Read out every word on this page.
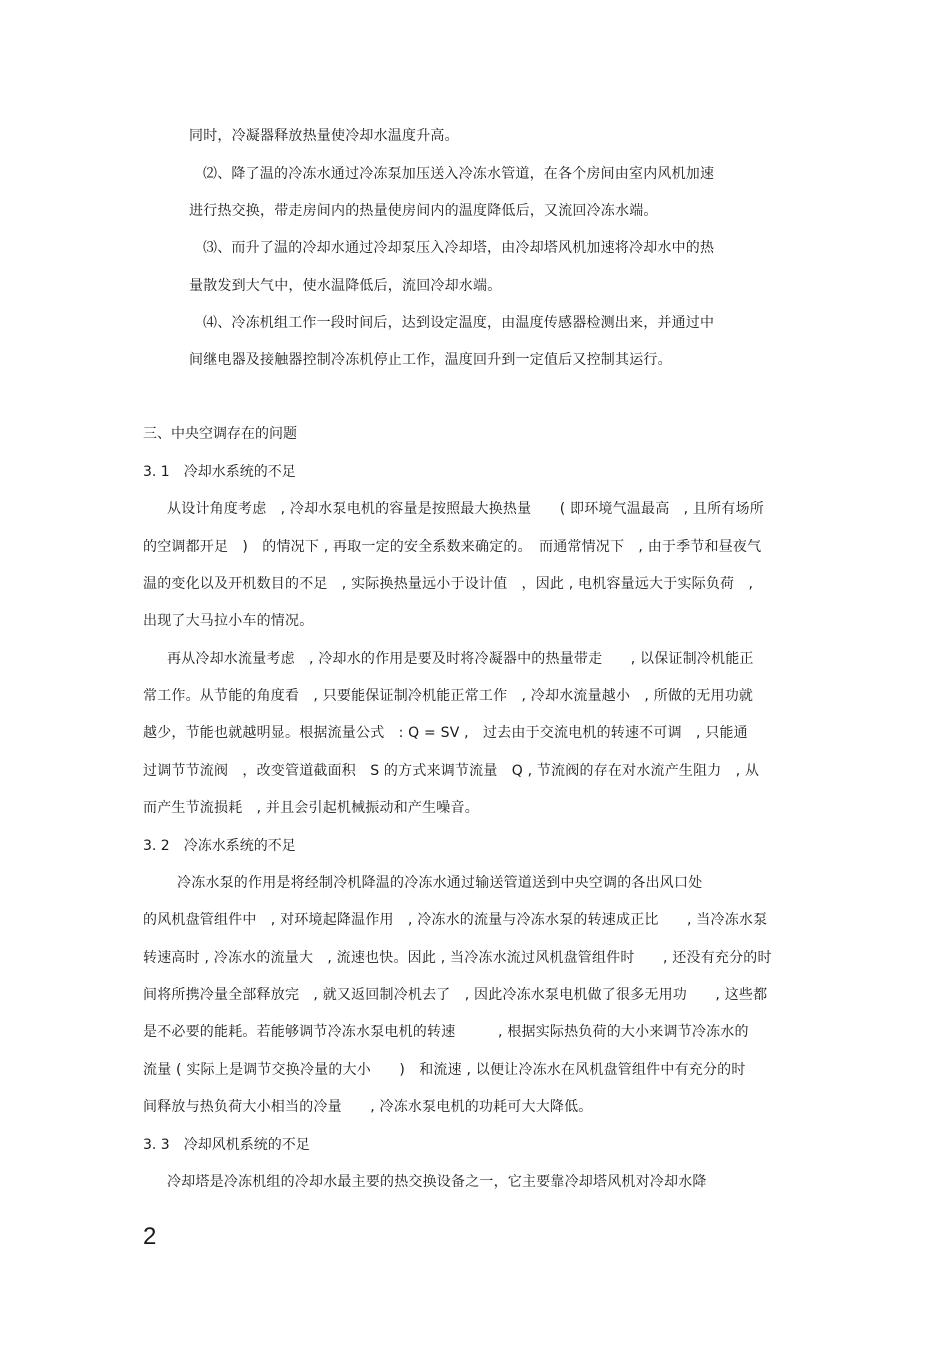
同时，冷凝器释放热量使冷却水温度升高。
⑵、降了温的冷冻水通过冷冻泵加压送入冷冻水管道，在各个房间由室内风机加速
进行热交换，带走房间内的热量使房间内的温度降低后，又流回冷冻水端。
⑶、而升了温的冷却水通过冷却泵压入冷却塔，由冷却塔风机加速将冷却水中的热
量散发到大气中，使水温降低后，流回冷却水端。
⑷、冷冻机组工作一段时间后，达到设定温度，由温度传感器检测出来，并通过中
间继电器及接触器控制冷冻机停止工作，温度回升到一定值后又控制其运行。
三、中央空调存在的问题
3. 1　冷却水系统的不足
从设计角度考虑　, 冷却水泵电机的容量是按照最大换热量　　( 即环境气温最高　, 且所有场所
的空调都开足　)　的情况下 , 再取一定的安全系数来确定的。　而通常情况下　, 由于季节和昼夜气
温的变化以及开机数目的不足　, 实际换热量远小于设计值　，因此 , 电机容量远大于实际负荷　,
出现了大马拉小车的情况。
再从冷却水流量考虑　, 冷却水的作用是要及时将冷凝器中的热量带走　　, 以保证制冷机能正
常工作。从节能的角度看　, 只要能保证制冷机能正常工作　, 冷却水流量越小　, 所做的无用功就
越少，节能也就越明显。根据流量公式　: Q = SV ,　过去由于交流电机的转速不可调　, 只能通
过调节节流阀　，改变管道截面积　S 的方式来调节流量　Q , 节流阀的存在对水流产生阻力　, 从
而产生节流损耗　, 并且会引起机械振动和产生噪音。
3. 2　冷冻水系统的不足
冷冻水泵的作用是将经制冷机降温的冷冻水通过输送管道送到中央空调的各出风口处
的风机盘管组件中　, 对环境起降温作用　, 冷冻水的流量与冷冻水泵的转速成正比　　, 当冷冻水泵
转速高时 , 冷冻水的流量大　, 流速也快。因此 , 当冷冻水流过风机盘管组件时　　, 还没有充分的时
间将所携冷量全部释放完　, 就又返回制冷机去了　, 因此冷冻水泵电机做了很多无用功　　, 这些都
是不必要的能耗。若能够调节冷冻水泵电机的转速　　　, 根据实际热负荷的大小来调节冷冻水的
流量 ( 实际上是调节交换冷量的大小　　)　和流速 , 以便让冷冻水在风机盘管组件中有充分的时
间释放与热负荷大小相当的冷量　　, 冷冻水泵电机的功耗可大大降低。
3. 3　冷却风机系统的不足
冷却塔是冷冻机组的冷却水最主要的热交换设备之一，它主要靠冷却塔风机对冷却水降
2
